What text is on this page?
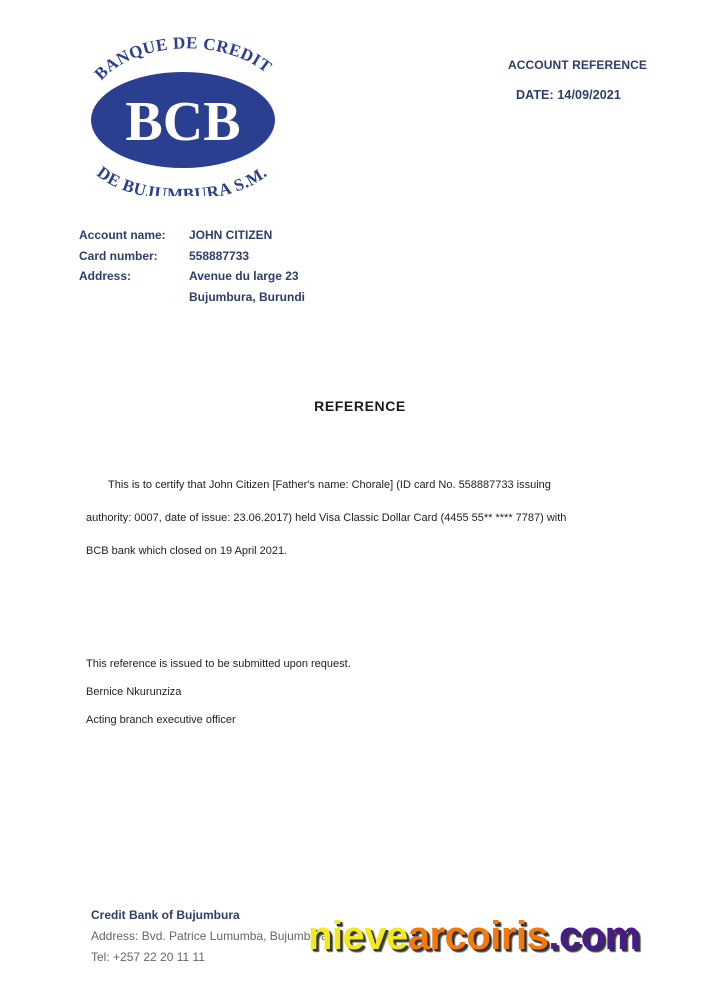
BANQUE DE CREDIT
BCB
DE BUJUMBURA S.M.
ACCOUNT REFERENCE
DATE: 14/09/2021
Account name:
Card number:
Address:
JOHN CITIZEN
558887733
Avenue du large 23
Bujumbura, Burundi
REFERENCE
This is to certify that John Citizen [Father's name: Chorale] (ID card No. 558887733 issuing
authority: 0007, date of issue: 23.06.2017) held Visa Classic Dollar Card (4455 55** **** 7787) with
BCB bank which closed on 19 April 2021.
This reference is issued to be submitted upon request.
Bernice Nkurunziza
Acting branch executive officer
Credit Bank of Bujumbura
Address: Bvd. Patrice Lumumba, Bujumbura
Tel: +257 22 20 11 11	nievearcoiris.com
